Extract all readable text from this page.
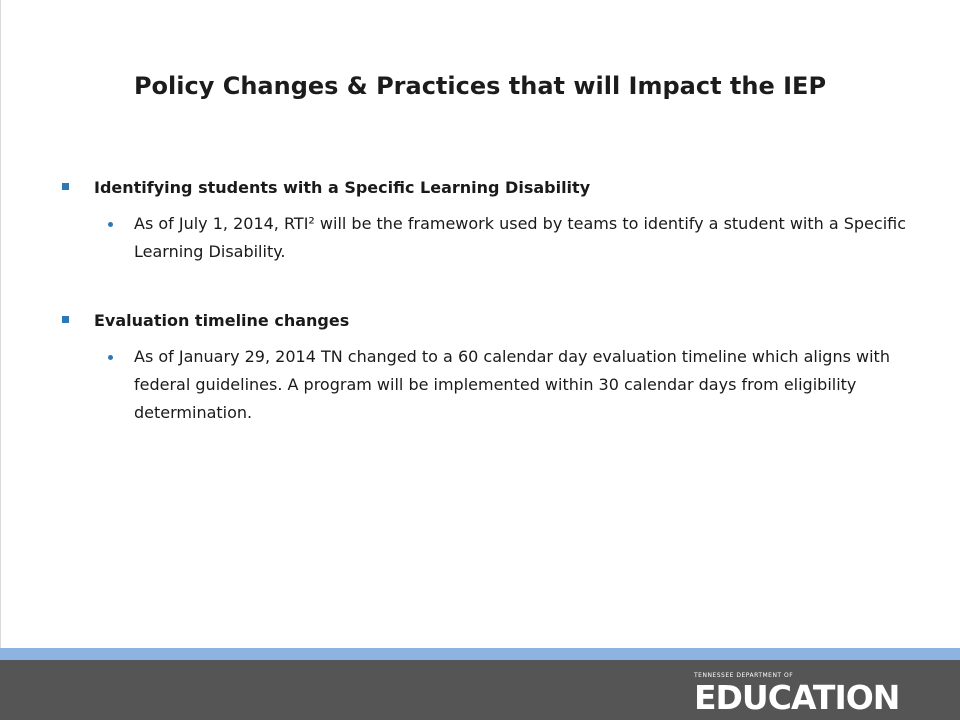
Policy Changes & Practices that will Impact the IEP
Identifying students with a Specific Learning Disability
As of July 1, 2014, RTI² will be the framework used by teams to identify a student with a Specific Learning Disability.
Evaluation timeline changes
As of January 29, 2014 TN changed to a 60 calendar day evaluation timeline which aligns with federal guidelines. A program will be implemented within 30 calendar days from eligibility determination.
TENNESSEE DEPARTMENT OF
EDUCATION
